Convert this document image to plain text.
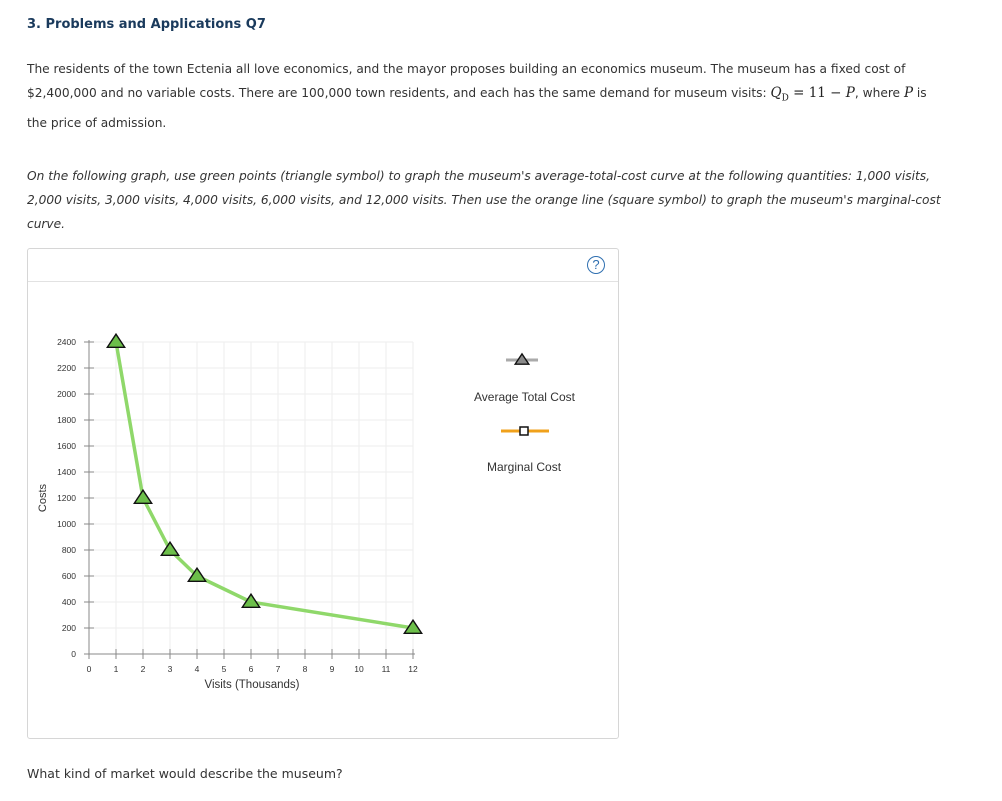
3. Problems and Applications Q7
The residents of the town Ectenia all love economics, and the mayor proposes building an economics museum. The museum has a fixed cost of $2,400,000 and no variable costs. There are 100,000 town residents, and each has the same demand for museum visits: $Q_D = 11 - P$, where P is the price of admission.
On the following graph, use green points (triangle symbol) to graph the museum's average-total-cost curve at the following quantities: 1,000 visits, 2,000 visits, 3,000 visits, 4,000 visits, 6,000 visits, and 12,000 visits. Then use the orange line (square symbol) to graph the museum's marginal-cost curve.
?
0
200
400
600
800
1000
1200
1400
1600
1800
2000
2200
2400
0	1	2	3	4	5	6	7	8	9 10 11 12
Costs
Visits (Thousands)
Average Total Cost
Marginal Cost
What kind of market would describe the museum?
